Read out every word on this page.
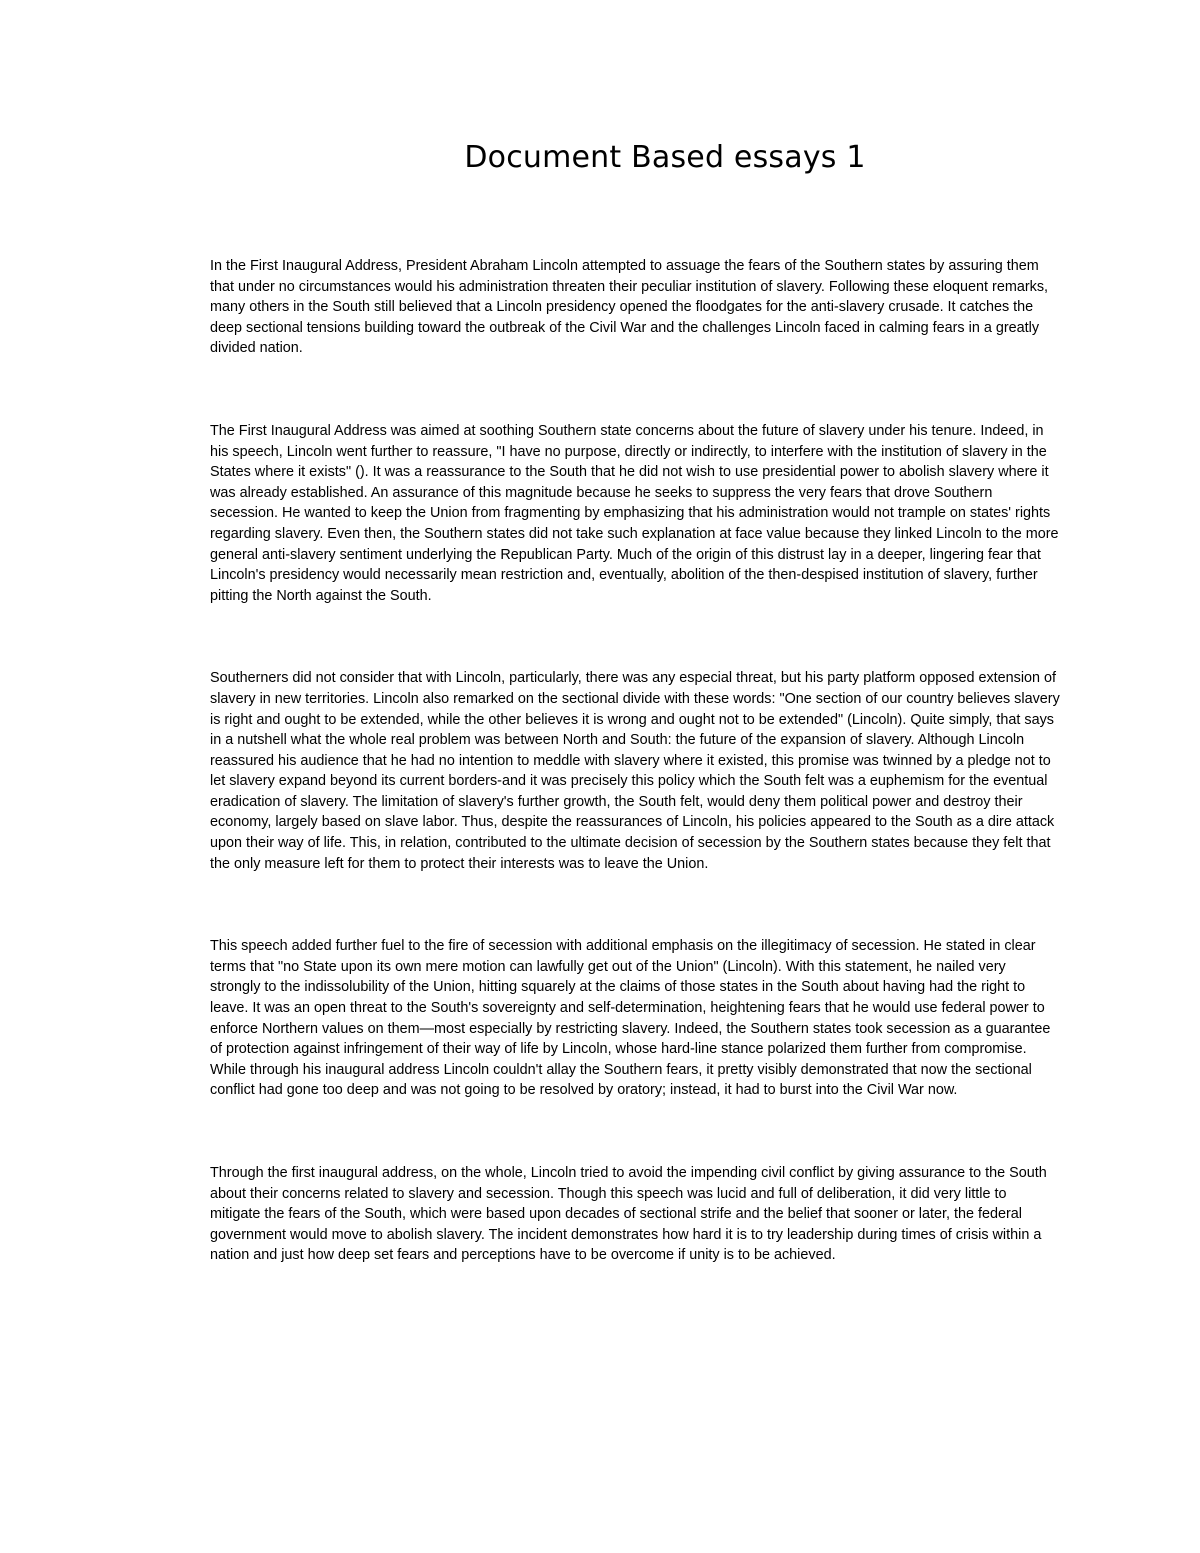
Document Based essays 1

In the First Inaugural Address, President Abraham Lincoln attempted to assuage the fears of the Southern states by assuring them that under no circumstances would his administration threaten their peculiar institution of slavery. Following these eloquent remarks, many others in the South still believed that a Lincoln presidency opened the floodgates for the anti-slavery crusade. It catches the deep sectional tensions building toward the outbreak of the Civil War and the challenges Lincoln faced in calming fears in a greatly divided nation.

The First Inaugural Address was aimed at soothing Southern state concerns about the future of slavery under his tenure. Indeed, in his speech, Lincoln went further to reassure, "I have no purpose, directly or indirectly, to interfere with the institution of slavery in the States where it exists" (). It was a reassurance to the South that he did not wish to use presidential power to abolish slavery where it was already established. An assurance of this magnitude because he seeks to suppress the very fears that drove Southern secession. He wanted to keep the Union from fragmenting by emphasizing that his administration would not trample on states' rights regarding slavery. Even then, the Southern states did not take such explanation at face value because they linked Lincoln to the more general anti-slavery sentiment underlying the Republican Party. Much of the origin of this distrust lay in a deeper, lingering fear that Lincoln's presidency would necessarily mean restriction and, eventually, abolition of the then-despised institution of slavery, further pitting the North against the South.

Southerners did not consider that with Lincoln, particularly, there was any especial threat, but his party platform opposed extension of slavery in new territories. Lincoln also remarked on the sectional divide with these words: "One section of our country believes slavery is right and ought to be extended, while the other believes it is wrong and ought not to be extended" (Lincoln). Quite simply, that says in a nutshell what the whole real problem was between North and South: the future of the expansion of slavery. Although Lincoln reassured his audience that he had no intention to meddle with slavery where it existed, this promise was twinned by a pledge not to let slavery expand beyond its current borders-and it was precisely this policy which the South felt was a euphemism for the eventual eradication of slavery. The limitation of slavery's further growth, the South felt, would deny them political power and destroy their economy, largely based on slave labor. Thus, despite the reassurances of Lincoln, his policies appeared to the South as a dire attack upon their way of life. This, in relation, contributed to the ultimate decision of secession by the Southern states because they felt that the only measure left for them to protect their interests was to leave the Union.

This speech added further fuel to the fire of secession with additional emphasis on the illegitimacy of secession. He stated in clear terms that "no State upon its own mere motion can lawfully get out of the Union" (Lincoln). With this statement, he nailed very strongly to the indissolubility of the Union, hitting squarely at the claims of those states in the South about having had the right to leave. It was an open threat to the South's sovereignty and self-determination, heightening fears that he would use federal power to enforce Northern values on them—most especially by restricting slavery. Indeed, the Southern states took secession as a guarantee of protection against infringement of their way of life by Lincoln, whose hard-line stance polarized them further from compromise. While through his inaugural address Lincoln couldn't allay the Southern fears, it pretty visibly demonstrated that now the sectional conflict had gone too deep and was not going to be resolved by oratory; instead, it had to burst into the Civil War now.

Through the first inaugural address, on the whole, Lincoln tried to avoid the impending civil conflict by giving assurance to the South about their concerns related to slavery and secession. Though this speech was lucid and full of deliberation, it did very little to mitigate the fears of the South, which were based upon decades of sectional strife and the belief that sooner or later, the federal government would move to abolish slavery. The incident demonstrates how hard it is to try leadership during times of crisis within a nation and just how deep set fears and perceptions have to be overcome if unity is to be achieved.
